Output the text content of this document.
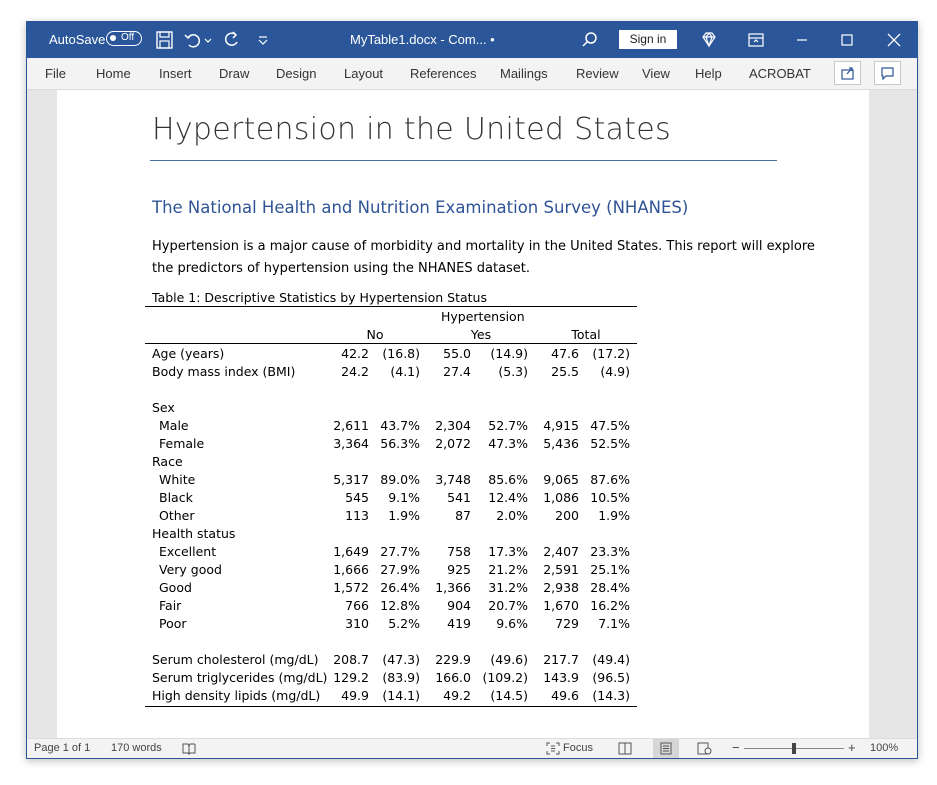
AutoSave Off	MyTable1.docx - Com... •	Sign in
File Home Insert Draw Design Layout References Mailings Review View Help ACROBAT
Hypertension in the United States
The National Health and Nutrition Examination Survey (NHANES)
Hypertension is a major cause of morbidity and mortality in the United States. This report will explore
the predictors of hypertension using the NHANES dataset.
Table 1: Descriptive Statistics by Hypertension Status
Hypertension
No	Yes	Total
Age (years)	42.2	(16.8)	55.0	(14.9)	47.6	(17.2)
Body mass index (BMI)	24.2	(4.1)	27.4	(5.3)	25.5	(4.9)
Sex
Male	2,611 43.7%	2,304	52.7%	4,915 47.5%
Female	3,364 56.3%	2,072	47.3%	5,436 52.5%
Race
White	5,317 89.0%	3,748	85.6%	9,065 87.6%
Black	545	9.1%	541	12.4%	1,086 10.5%
Other	113	1.9%	87	2.0%	200	1.9%
Health status
Excellent	1,649 27.7%	758	17.3%	2,407 23.3%
Very good	1,666 27.9%	925	21.2%	2,591 25.1%
Good	1,572 26.4%	1,366	31.2%	2,938 28.4%
Fair	766 12.8%	904	20.7%	1,670 16.2%
Poor	310	5.2%	419	9.6%	729	7.1%
Serum cholesterol (mg/dL)	208.7	(47.3)	229.9	(49.6)	217.7	(49.4)
Serum triglycerides (mg/dL) 129.2	(83.9)	166.0 (109.2)	143.9	(96.5)
High density lipids (mg/dL)	49.9	(14.1)	49.2	(14.5)	49.6	(14.3)
Page 1 of 1 170 words	Focus	−	+ 100%
